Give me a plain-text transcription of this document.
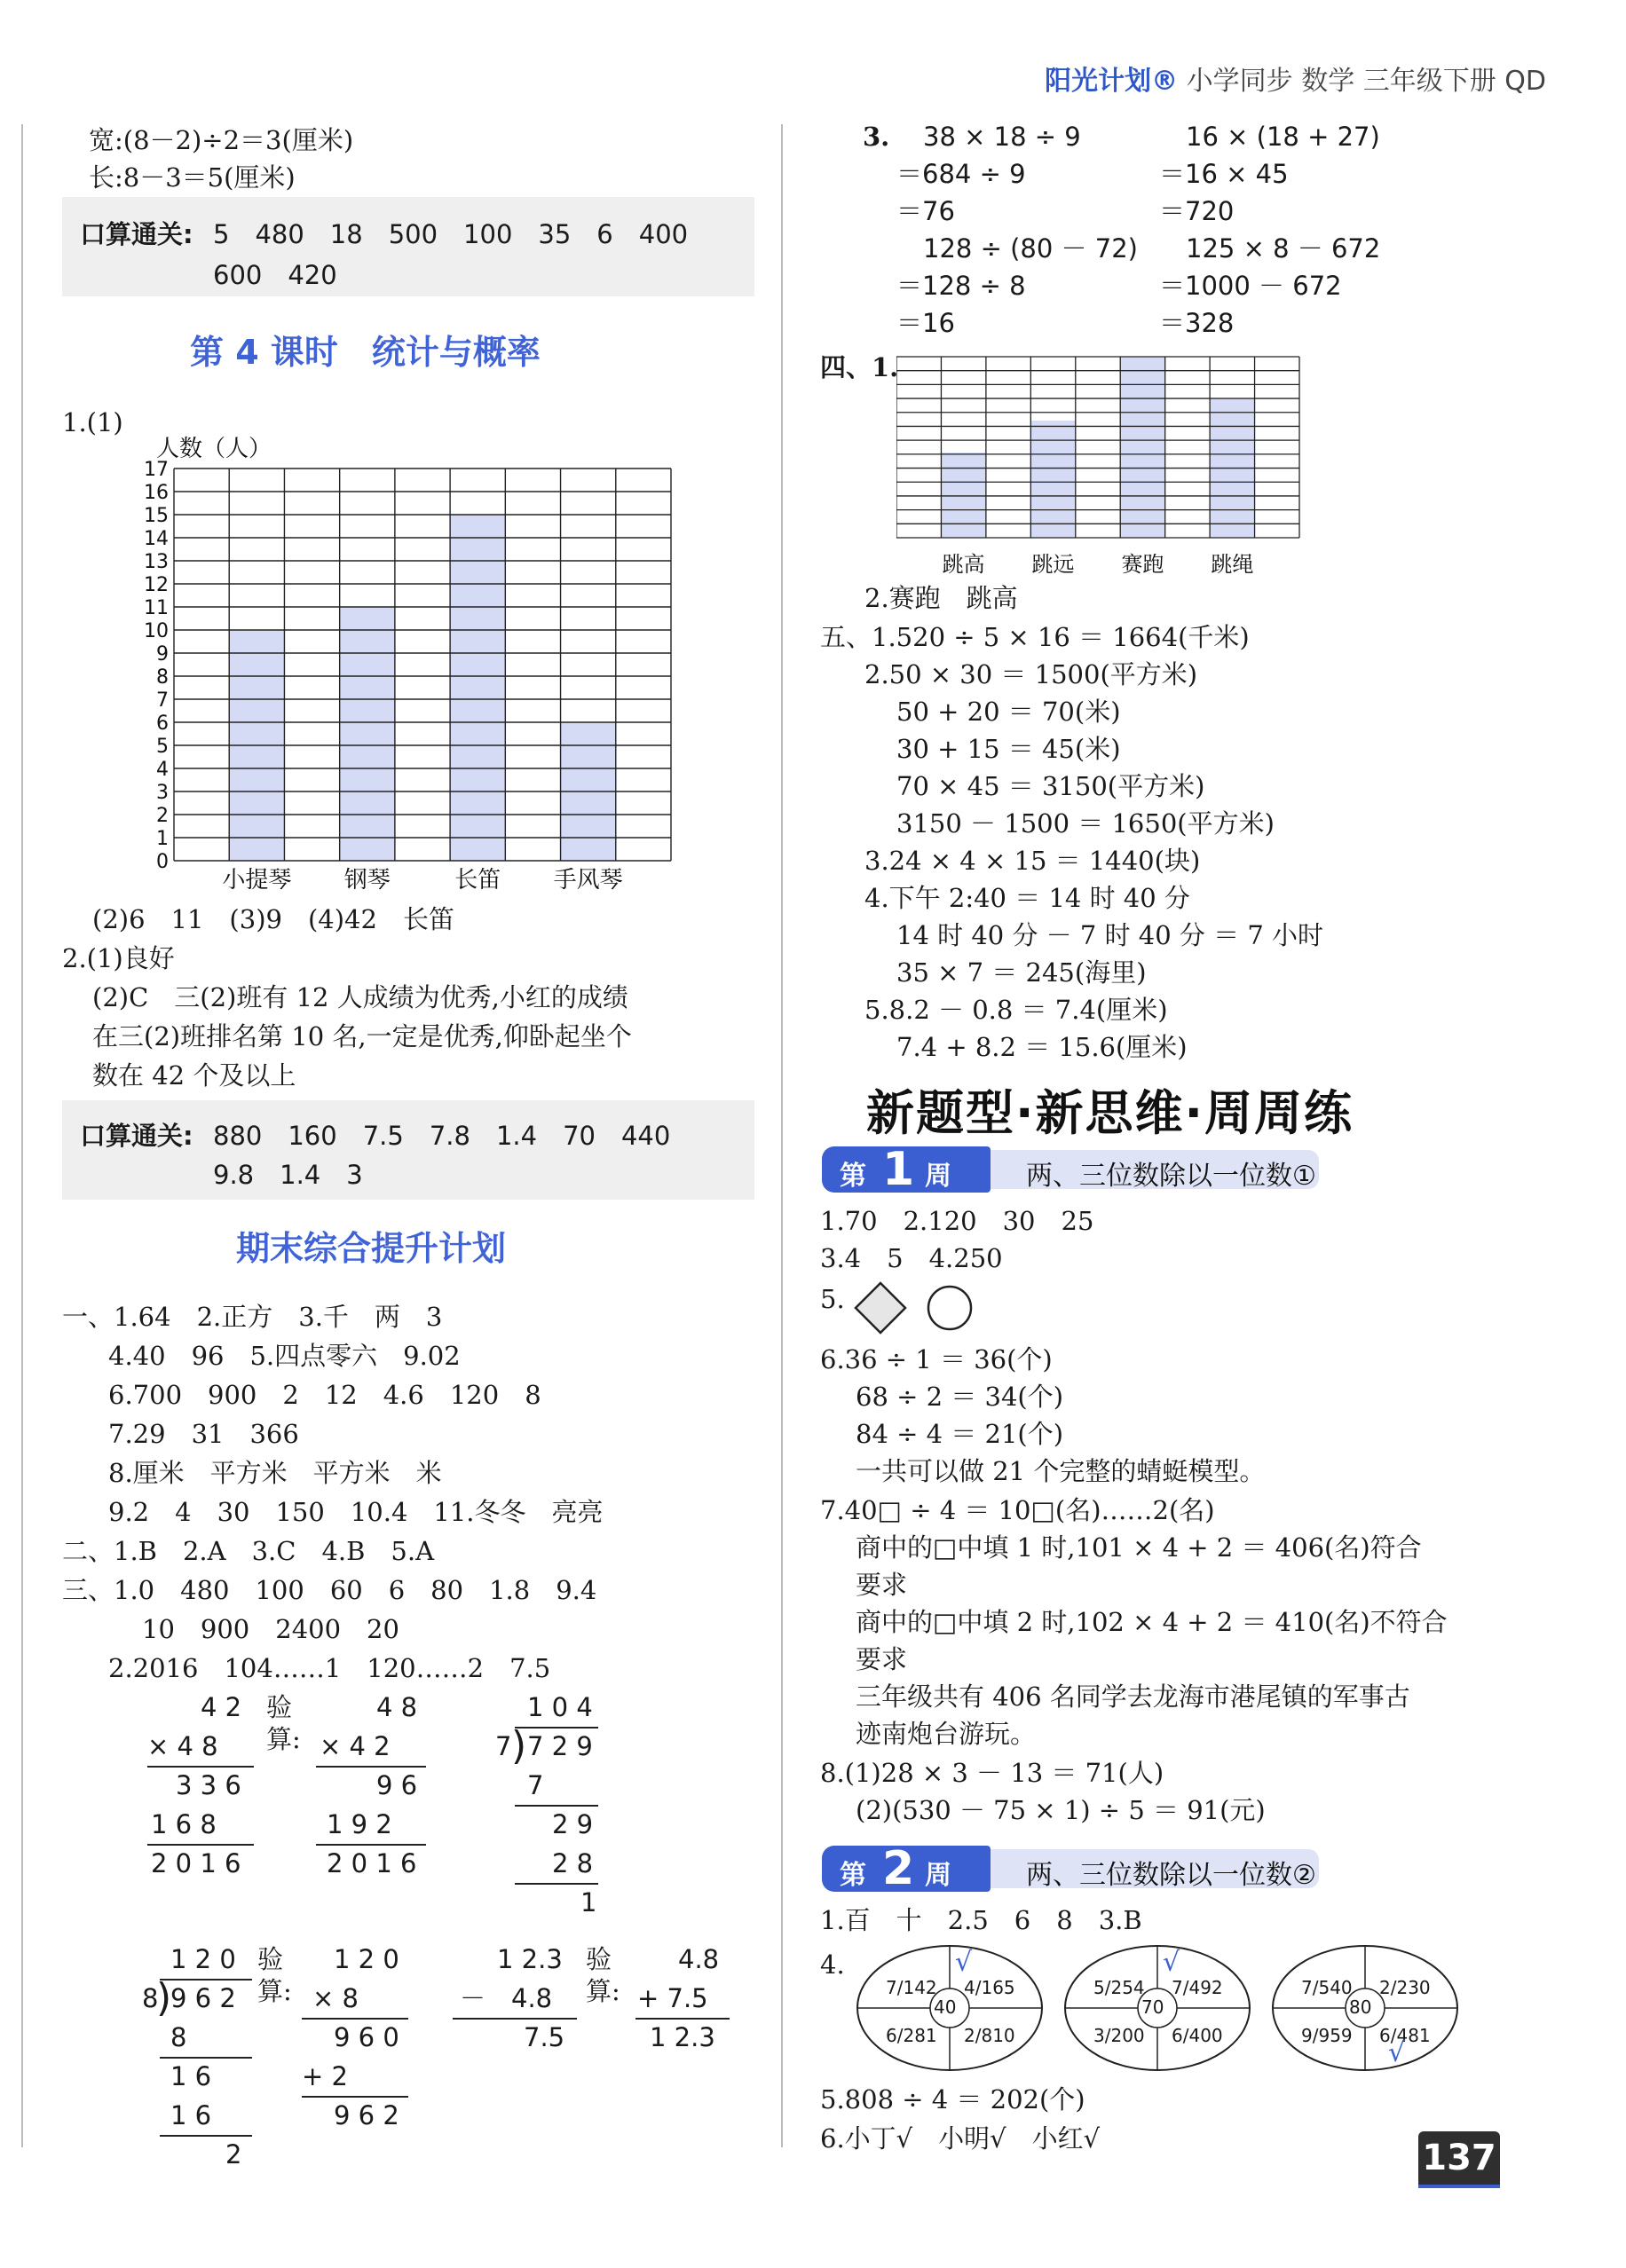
阳光计划® 小学同步 数学 三年级下册 QD
宽:(8－2)÷2＝3(厘米)
长:8－3＝5(厘米)
口算通关: 5　480　18　500　100　35　6　400
600　420
第 4 课时　统计与概率
1.(1)
小提琴 钢琴	长笛 手风琴
0
1
2
3
4
5
6
7
8
9
10
11
12
13
14
15
16
17
人数（人）
(2)6　11　(3)9　(4)42　长笛
2.(1)良好
(2)C　三(2)班有 12 人成绩为优秀,小红的成绩
在三(2)班排名第 10 名,一定是优秀,仰卧起坐个
数在 42 个及以上
口算通关: 880　160　7.5　7.8　1.4　70　440
9.8　1.4　3
期末综合提升计划
一、1.64　2.正方　3.千　两　3
4.40　96　5.四点零六　9.02
6.700　900　2　12　4.6　120　8
7.29　31　366
8.厘米　平方米　平方米　米
9.2　4　30　150　10.4　11.冬冬　亮亮
二、1.B　2.A　3.C　4.B　5.A
三、1.0　480　100　60　6　80　1.8　9.4
10　900　2400　20
2.2016　104……1　120……2　7.5
4 2
× 4 8
3 3 6
1 6 8
2 0 1 6
验
算:
4 8
× 4 2
9 6
1 9 2
2 0 1 6
1 0 4
7 ) 7 2 9
7
2 9
2 8
1
1 2 0
8
)
9 6 2
8
1 6
1 6
2
验
算:
1 2 0
× 8
9 6 0
+ 2
9 6 2
1 2.3
－　4.8
7.5
验
算:
4.8
+ 7.5
1 2.3
3. 38 × 18 ÷ 9
＝684 ÷ 9
＝76
128 ÷ (80 － 72)
＝128 ÷ 8
＝16
16 × (18 + 27)
＝16 × 45
＝720
125 × 8 － 672
＝1000 － 672
＝328
四、1.
跳高 跳远 赛跑 跳绳
2.赛跑　跳高
五、1.520 ÷ 5 × 16 ＝ 1664(千米)
2.50 × 30 ＝ 1500(平方米)
50 + 20 ＝ 70(米)
30 + 15 ＝ 45(米)
70 × 45 ＝ 3150(平方米)
3150 － 1500 ＝ 1650(平方米)
3.24 × 4 × 15 ＝ 1440(块)
4.下午 2:40 ＝ 14 时 40 分
14 时 40 分 － 7 时 40 分 ＝ 7 小时
35 × 7 ＝ 245(海里)
5.8.2 － 0.8 ＝ 7.4(厘米)
7.4 + 8.2 ＝ 15.6(厘米)
新题型·新思维·周周练
第 1 周	两、三位数除以一位数①
1.70　2.120　30　25
3.4　5　4.250
5.
6.36 ÷ 1 ＝ 36(个)
68 ÷ 2 ＝ 34(个)
84 ÷ 4 ＝ 21(个)
一共可以做 21 个完整的蜻蜓模型。
7.40□ ÷ 4 ＝ 10□(名)……2(名)
商中的□中填 1 时,101 × 4 + 2 ＝ 406(名)符合
要求
商中的□中填 2 时,102 × 4 + 2 ＝ 410(名)不符合
要求
三年级共有 406 名同学去龙海市港尾镇的军事古
迹南炮台游玩。
8.(1)28 × 3 － 13 ＝ 71(人)
(2)(530 － 75 × 1) ÷ 5 ＝ 91(元)
第 2 周	两、三位数除以一位数②
1.百　十　2.5　6　8　3.B
4.
40
7/142 4/165
6/281 2/810
√
70
5/254 7/492
3/200 6/400
√
80
7/540 2/230
9/959 6/481
√
5.808 ÷ 4 ＝ 202(个)
6.小丁√　小明√　小红√	137
